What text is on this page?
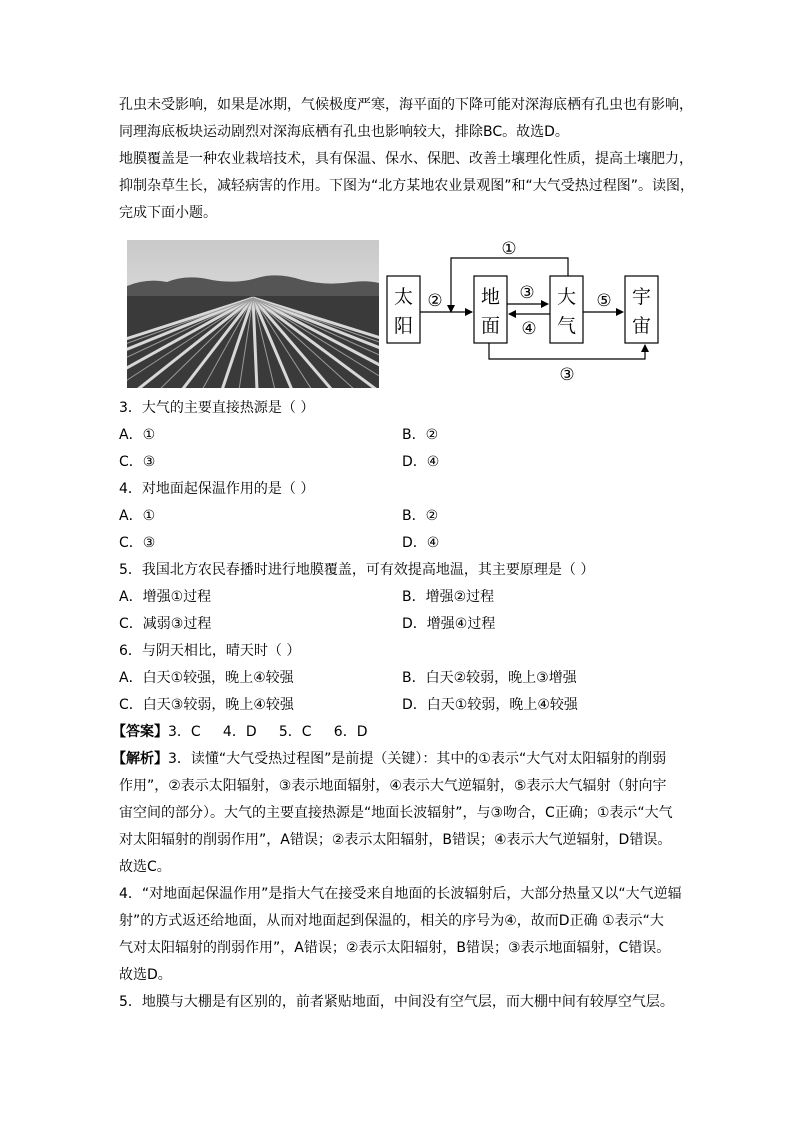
孔虫未受影响，如果是冰期，气候极度严寒，海平面的下降可能对深海底栖有孔虫也有影响，
同理海底板块运动剧烈对深海底栖有孔虫也影响较大，排除BC。故选D。
地膜覆盖是一种农业栽培技术，具有保温、保水、保肥、改善土壤理化性质，提高土壤肥力，
抑制杂草生长，减轻病害的作用。下图为“北方某地农业景观图”和“大气受热过程图”。读图，
完成下面小题。
太
阳
地
面
大
气
宇
宙
①
②	③
④
⑤
③
3．大气的主要直接热源是（ ）
A．①	B．②
C．③	D．④
4．对地面起保温作用的是（ ）
A．①	B．②
C．③	D．④
5．我国北方农民春播时进行地膜覆盖，可有效提高地温，其主要原理是（ ）
A．增强①过程	B．增强②过程
C．减弱③过程	D．增强④过程
6．与阴天相比，晴天时（ ）
A．白天①较强，晚上④较强	B．白天②较弱，晚上③增强
C．白天③较弱，晚上④较强	D．白天①较弱，晚上④较强
【答案】3．C     4．D     5．C     6．D
【解析】3．读懂“大气受热过程图”是前提（关键）：其中的①表示“大气对太阳辐射的削弱
作用”，②表示太阳辐射，③表示地面辐射，④表示大气逆辐射，⑤表示大气辐射（射向宇
宙空间的部分）。大气的主要直接热源是“地面长波辐射”，与③吻合，C正确；①表示“大气
对太阳辐射的削弱作用”，A错误；②表示太阳辐射，B错误；④表示大气逆辐射，D错误。
故选C。
4．“对地面起保温作用”是指大气在接受来自地面的长波辐射后，大部分热量又以“大气逆辐
射”的方式返还给地面，从而对地面起到保温的，相关的序号为④，故而D正确 ①表示“大
气对太阳辐射的削弱作用”，A错误；②表示太阳辐射，B错误；③表示地面辐射，C错误。
故选D。
5．地膜与大棚是有区别的，前者紧贴地面，中间没有空气层，而大棚中间有较厚空气层。
